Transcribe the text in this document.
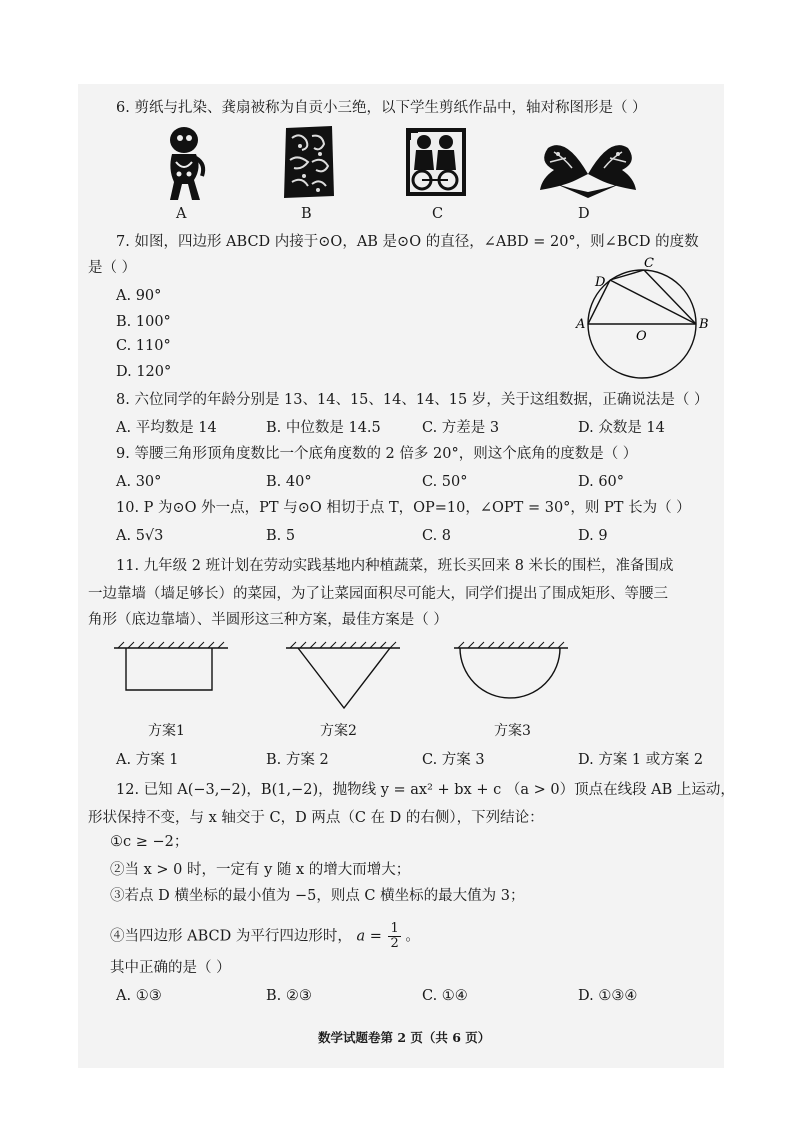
6. 剪纸与扎染、龚扇被称为自贡小三绝，以下学生剪纸作品中，轴对称图形是（ ）
A	B	C	D
7. 如图，四边形 ABCD 内接于⊙O，AB 是⊙O 的直径，∠ABD = 20°，则∠BCD 的度数
是（ ）
A. 90°
B. 100°
C. 110°
D. 120°
C
D
A	B
O
8. 六位同学的年龄分别是 13、14、15、14、14、15 岁，关于这组数据，正确说法是（ ）
A. 平均数是 14	B. 中位数是 14.5	C. 方差是 3	D. 众数是 14
9. 等腰三角形顶角度数比一个底角度数的 2 倍多 20°，则这个底角的度数是（ ）
A. 30°	B. 40°	C. 50°	D. 60°
10. P 为⊙O 外一点，PT 与⊙O 相切于点 T，OP=10，∠OPT = 30°，则 PT 长为（ ）
A. 5√3	B. 5	C. 8	D. 9
11. 九年级 2 班计划在劳动实践基地内种植蔬菜，班长买回来 8 米长的围栏，准备围成
一边靠墙（墙足够长）的菜园，为了让菜园面积尽可能大，同学们提出了围成矩形、等腰三
角形（底边靠墙）、半圆形这三种方案，最佳方案是（ ）
方案1	方案2	方案3
A. 方案 1	B. 方案 2	C. 方案 3	D. 方案 1 或方案 2
12. 已知 A(−3,−2)，B(1,−2)，抛物线 y = ax² + bx + c （a > 0）顶点在线段 AB 上运动，
形状保持不变，与 x 轴交于 C，D 两点（C 在 D 的右侧），下列结论：
①c ≥ −2；
②当 x > 0 时，一定有 y 随 x 的增大而增大；
③若点 D 横坐标的最小值为 −5，则点 C 横坐标的最大值为 3；
④当四边形 ABCD 为平行四边形时， $a = \frac{1}{2}$ 。
其中正确的是（ ）
A. ①③	B. ②③	C. ①④	D. ①③④
数学试题卷第 2 页（共 6 页）
